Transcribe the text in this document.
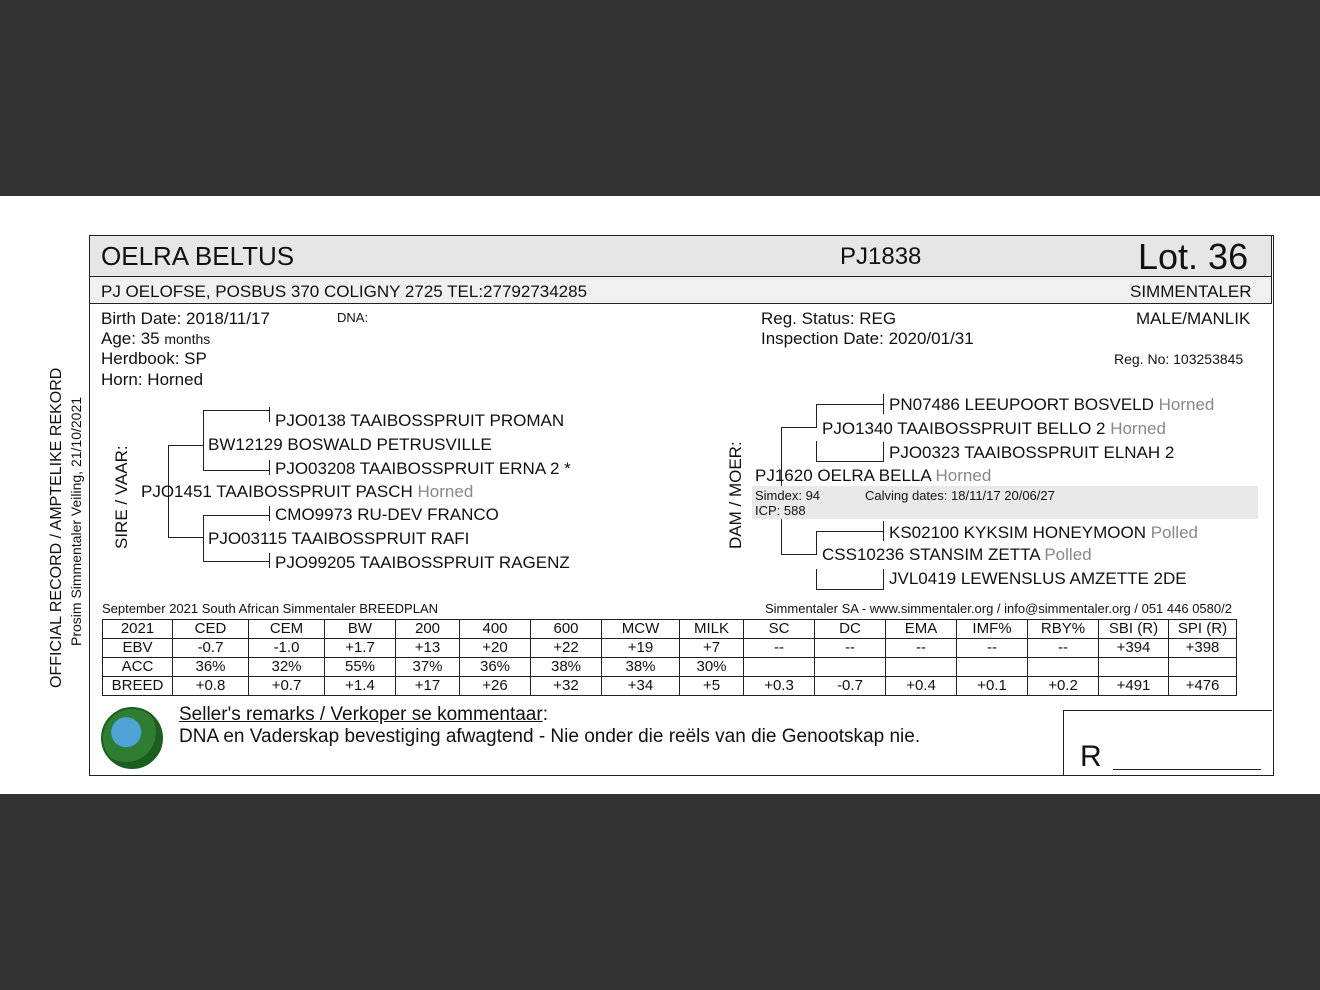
OELRA BELTUS	PJ1838	Lot. 36
PJ OELOFSE, POSBUS 370 COLIGNY 2725 TEL:27792734285	SIMMENTALER
Birth Date: 2018/11/17	DNA:
Age: 35 months
Herdbook: SP
Horn: Horned
Reg. Status: REG
Inspection Date: 2020/01/31
MALE/MANLIK
Reg. No: 103253845
OFFICIAL RECORD / AMPTELIKE REKORD Prosim Simmentaler Veiling, 21/10/2021 SIRE / VAAR:	DAM / MOER:
PJO0138 TAAIBOSSPRUIT PROMAN
BW12129 BOSWALD PETRUSVILLE
PJO03208 TAAIBOSSPRUIT ERNA 2 *
PJO1451 TAAIBOSSPRUIT PASCH Horned
CMO9973 RU-DEV FRANCO
PJO03115 TAAIBOSSPRUIT RAFI
PJO99205 TAAIBOSSPRUIT RAGENZ
PN07486 LEEUPOORT BOSVELD Horned
PJO1340 TAAIBOSSPRUIT BELLO 2 Horned
PJO0323 TAAIBOSSPRUIT ELNAH 2
PJ1620 OELRA BELLA Horned
Simdex: 94	Calving dates: 18/11/17 20/06/27
ICP: 588
KS02100 KYKSIM HONEYMOON Polled
CSS10236 STANSIM ZETTA Polled
JVL0419 LEWENSLUS AMZETTE 2DE
September 2021 South African Simmentaler BREEDPLAN	Simmentaler SA - www.simmentaler.org / info@simmentaler.org / 051 446 0580/2
2021	CED	CEM	BW	200	400	600	MCW	MILK	SC	DC	EMA	IMF%	RBY%	SBI (R)	SPI (R)
EBV	-0.7	-1.0	+1.7	+13	+20	+22	+19	+7	--	--	--	--	--	+394	+398
ACC	36%	32%	55%	37%	36%	38%	38%	30%							
BREED	+0.8	+0.7	+1.4	+17	+26	+32	+34	+5	+0.3	-0.7	+0.4	+0.1	+0.2	+491	+476
Seller's remarks / Verkoper se kommentaar:
DNA en Vaderskap bevestiging afwagtend - Nie onder die reëls van die Genootskap nie.
R
